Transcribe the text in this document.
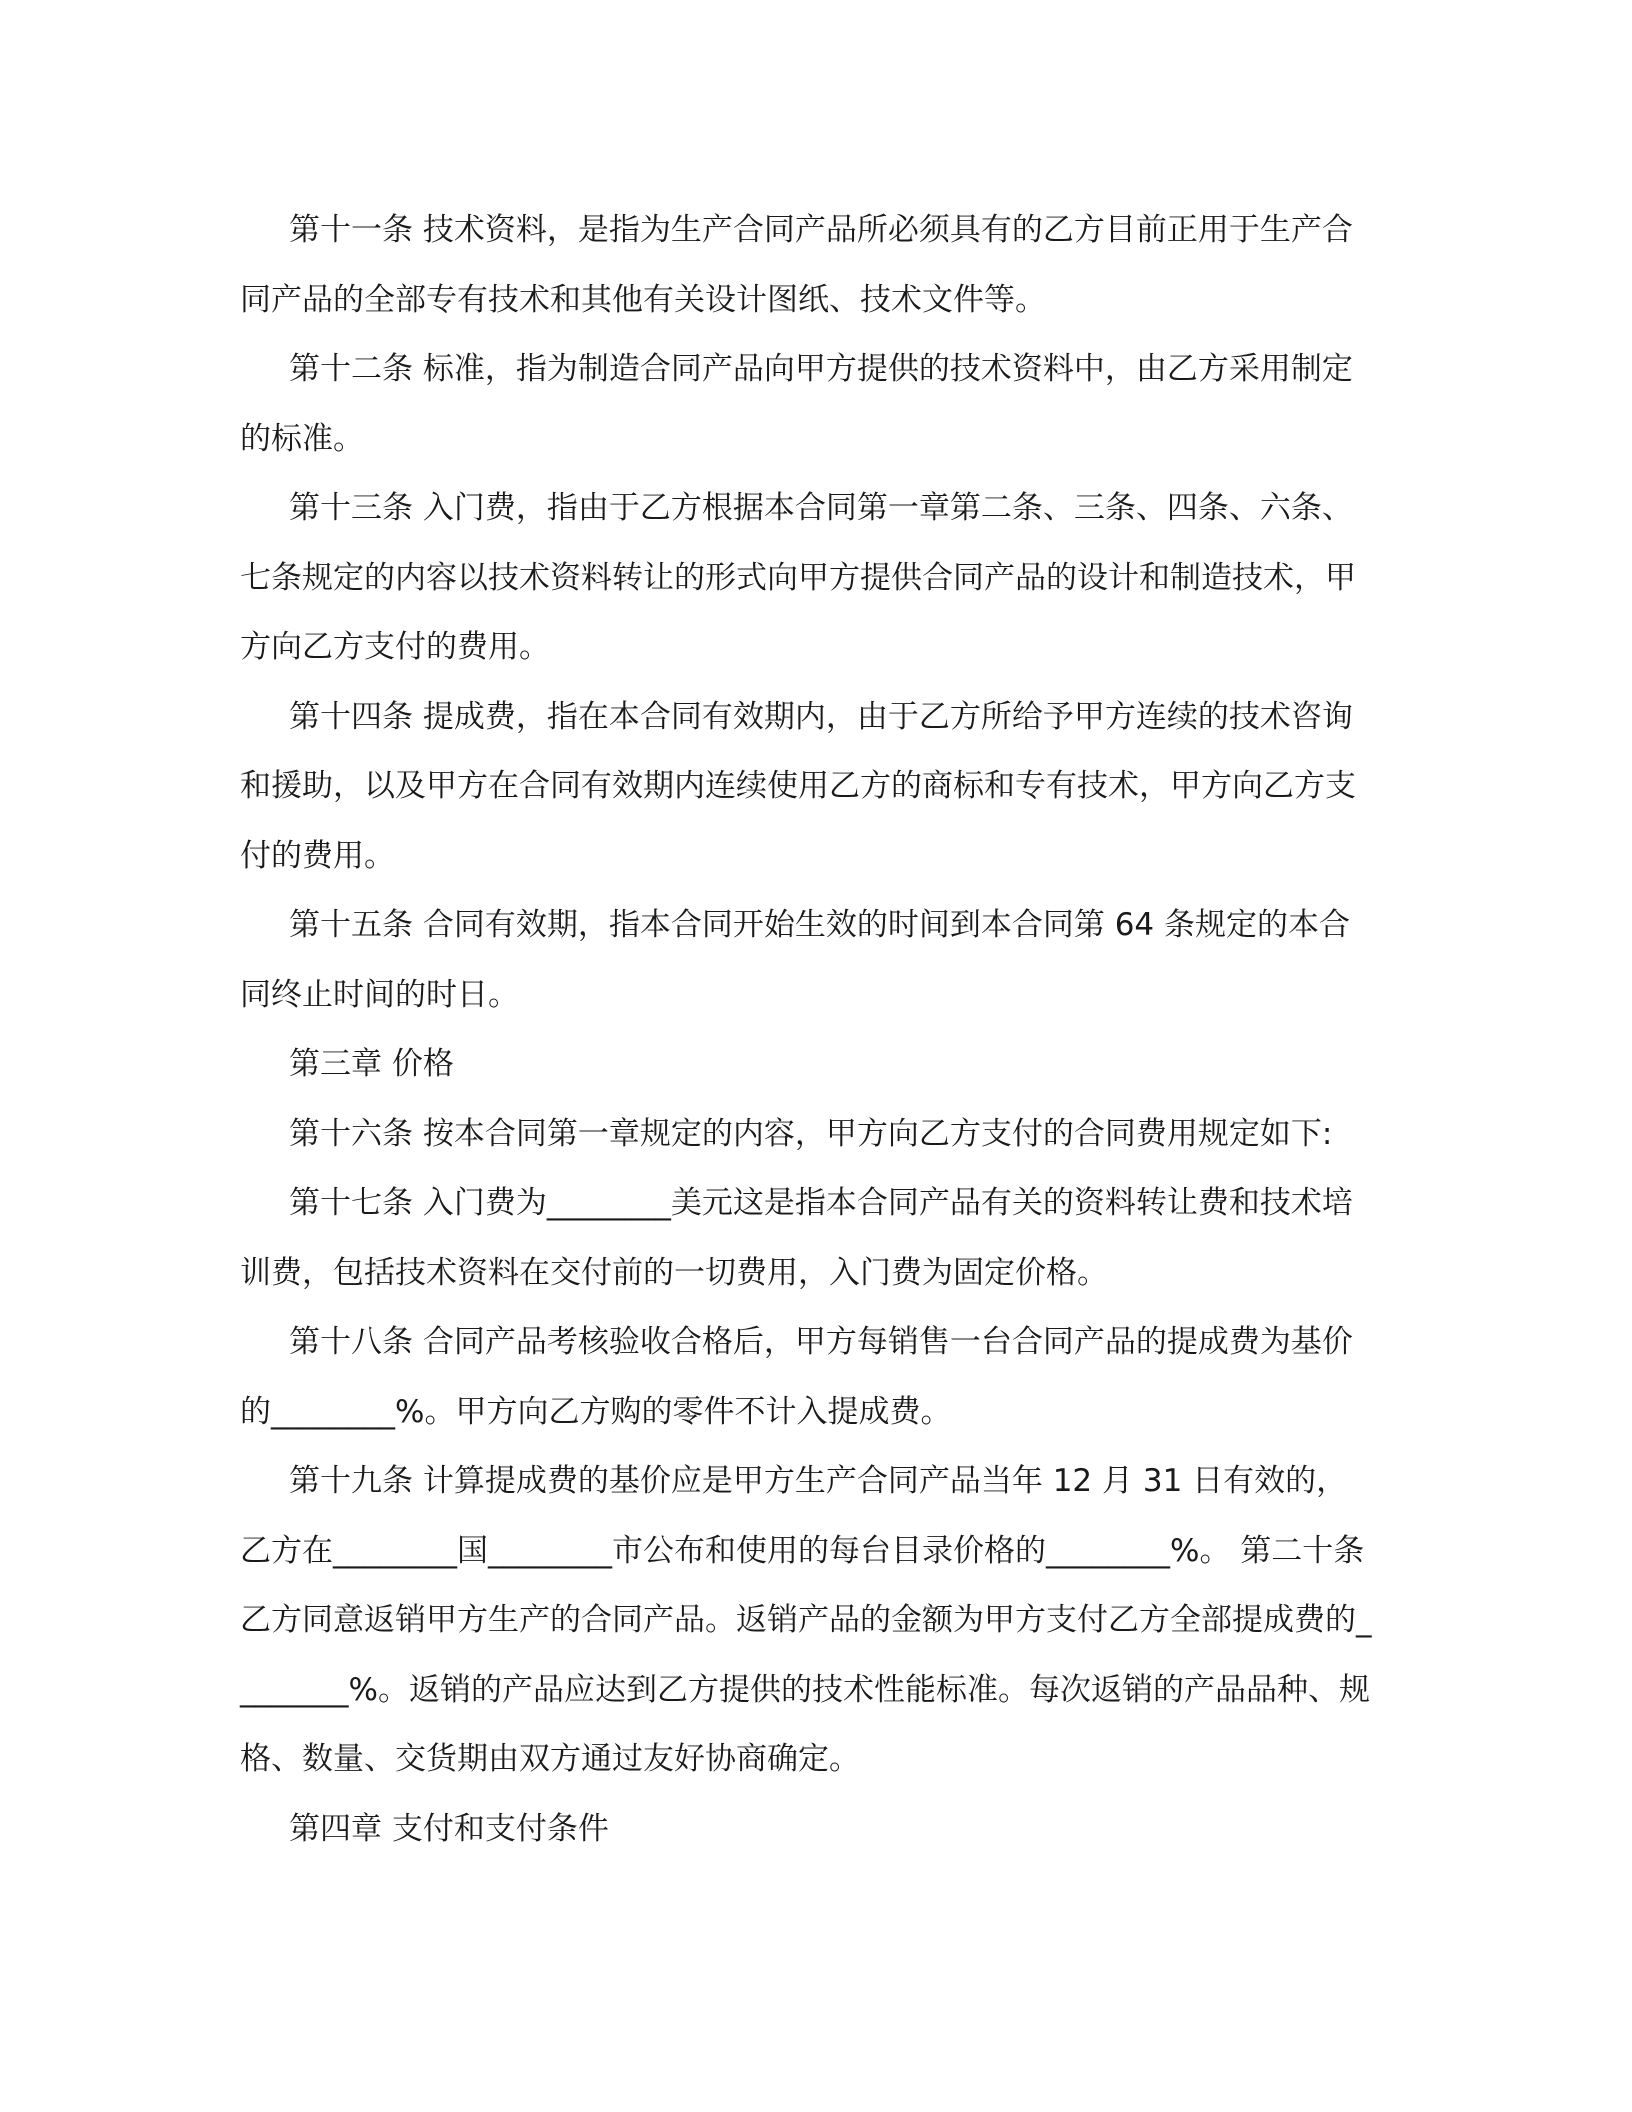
第十一条 技术资料，是指为生产合同产品所必须具有的乙方目前正用于生产合同产品的全部专有技术和其他有关设计图纸、技术文件等。

第十二条 标准，指为制造合同产品向甲方提供的技术资料中，由乙方采用制定的标准。

第十三条 入门费，指由于乙方根据本合同第一章第二条、三条、四条、六条、七条规定的内容以技术资料转让的形式向甲方提供合同产品的设计和制造技术，甲方向乙方支付的费用。

第十四条 提成费，指在本合同有效期内，由于乙方所给予甲方连续的技术咨询和援助，以及甲方在合同有效期内连续使用乙方的商标和专有技术，甲方向乙方支付的费用。

第十五条 合同有效期，指本合同开始生效的时间到本合同第 64 条规定的本合同终止时间的时日。

第三章 价格

第十六条 按本合同第一章规定的内容，甲方向乙方支付的合同费用规定如下:

第十七条 入门费为________美元这是指本合同产品有关的资料转让费和技术培训费，包括技术资料在交付前的一切费用，入门费为固定价格。

第十八条 合同产品考核验收合格后，甲方每销售一台合同产品的提成费为基价的________%。甲方向乙方购的零件不计入提成费。

第十九条 计算提成费的基价应是甲方生产合同产品当年 12 月 31 日有效的，乙方在________国________市公布和使用的每台目录价格的________%。 第二十条 乙方同意返销甲方生产的合同产品。返销产品的金额为甲方支付乙方全部提成费的________%。返销的产品应达到乙方提供的技术性能标准。每次返销的产品品种、规格、数量、交货期由双方通过友好协商确定。

第四章 支付和支付条件
